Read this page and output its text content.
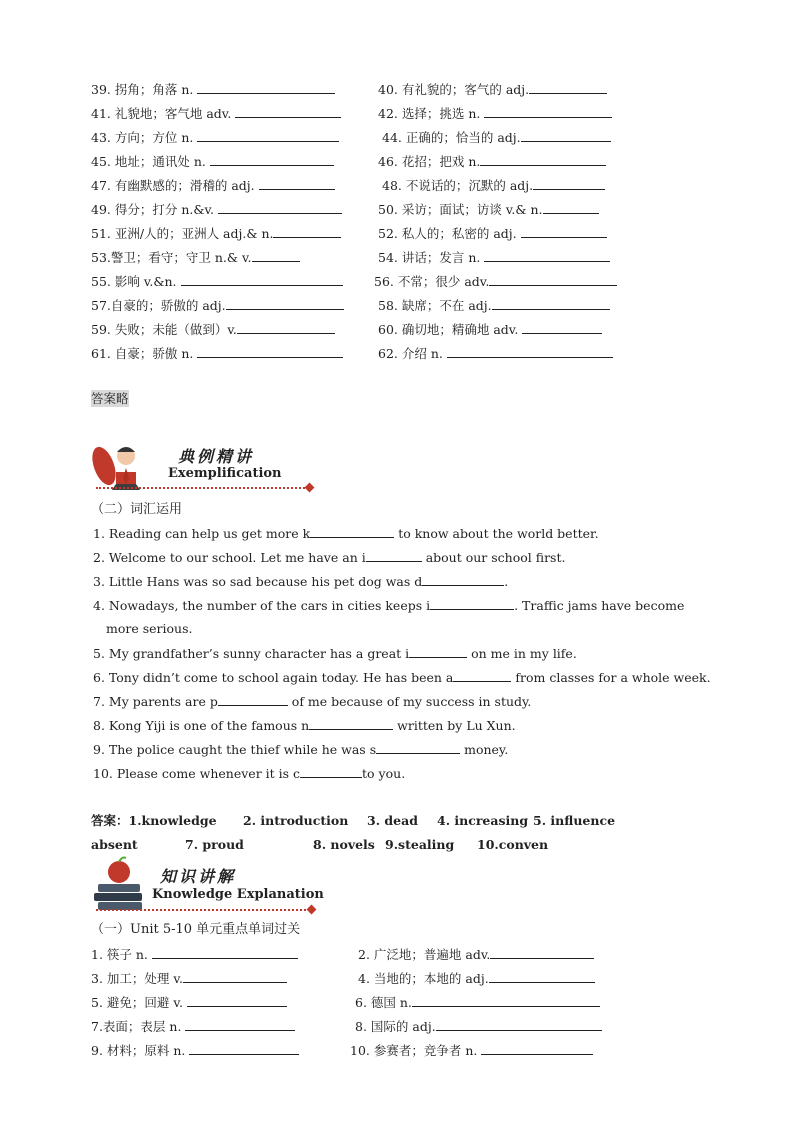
39. 拐角；角落 n.	40. 有礼貌的；客气的 adj.
41. 礼貌地；客气地 adv.	42. 选择；挑选 n.
43. 方向；方位 n.	44. 正确的；恰当的 adj.
45. 地址；通讯处 n.	46. 花招；把戏 n.
47. 有幽默感的；滑稽的 adj.	48. 不说话的；沉默的 adj.
49. 得分；打分 n.&v.	50. 采访；面试；访谈 v.& n.
51. 亚洲/人的；亚洲人 adj.& n.	52. 私人的；私密的 adj.
53.警卫；看守；守卫 n.& v.	54. 讲话；发言 n.
55. 影响 v.&n.	56. 不常；很少 adv.
57.自豪的；骄傲的 adj.	58. 缺席；不在 adj.
59. 失败；未能（做到）v.	60. 确切地；精确地 adv.
61. 自豪；骄傲 n.	62. 介绍 n.
答案略
典例精讲
Exemplification
（二）词汇运用
1. Reading can help us get more k	to know about the world better.
2. Welcome to our school. Let me have an i	about our school first.
3. Little Hans was so sad because his pet dog was d	.
4. Nowadays, the number of the cars in cities keeps i	. Traffic jams have become
more serious.
5. My grandfather’s sunny character has a great i	on me in my life.
6. Tony didn’t come to school again today. He has been a	from classes for a whole week.
7. My parents are p	of me because of my success in study.
8. Kong Yiji is one of the famous n	written by Lu Xun.
9. The police caught the thief while he was s	money.
10. Please come whenever it is c	to you.
答案：1.knowledge 2. introduction 3. dead 4. increasing 5. influence
absent	7. proud	8. novels 9.stealing 10.conven
知识讲解
Knowledge Explanation
（一）Unit 5-10 单元重点单词过关
1. 筷子 n.	2. 广泛地；普遍地 adv.
3. 加工；处理 v.	4. 当地的；本地的 adj.
5. 避免；回避 v.	6. 德国 n.
7.表面；表层 n.	8. 国际的 adj.
9. 材料；原料 n.	10. 参赛者；竞争者 n.
